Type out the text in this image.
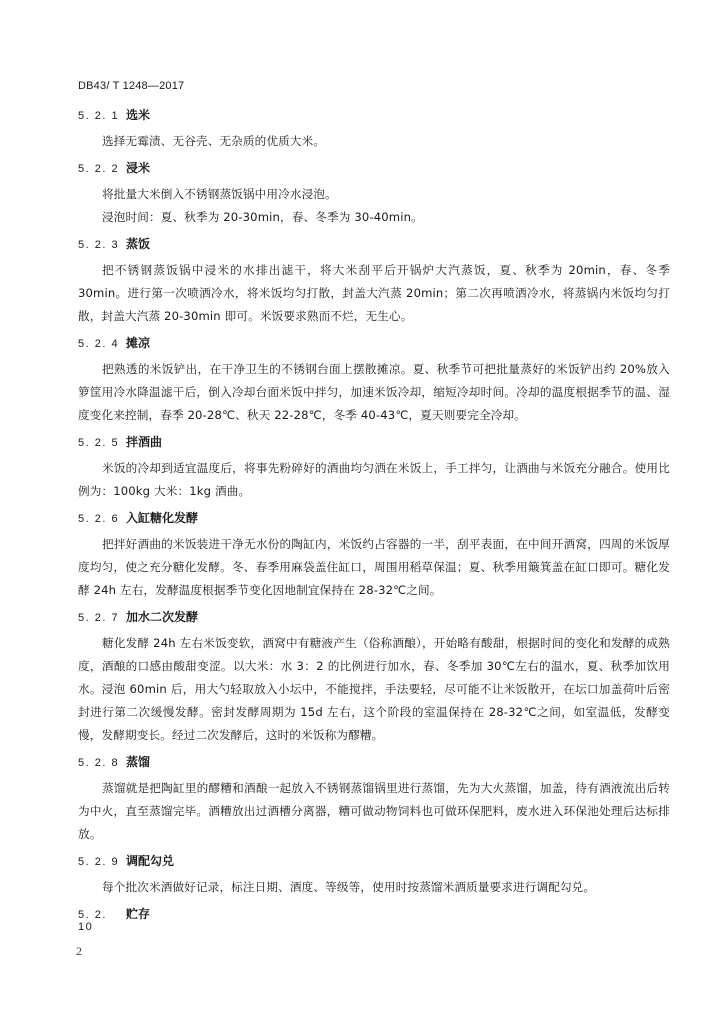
DB43/ T 1248—2017
5. 2. 1 选米

选择无霉渍、无谷壳、无杂质的优质大米。

5. 2. 2 浸米

将批量大米倒入不锈钢蒸饭锅中用冷水浸泡。

浸泡时间：夏、秋季为 20-30min，春、冬季为 30-40min。

5. 2. 3 蒸饭

把不锈钢蒸饭锅中浸米的水排出滤干，将大米刮平后开锅炉大汽蒸饭，夏、秋季为 20min，春、冬季 30min。进行第一次喷洒冷水，将米饭均匀打散，封盖大汽蒸 20min；第二次再喷洒冷水，将蒸锅内米饭均匀打散，封盖大汽蒸 20-30min 即可。米饭要求熟而不烂，无生心。

5. 2. 4 摊凉

把熟透的米饭铲出，在干净卫生的不锈钢台面上摆散摊凉。夏、秋季节可把批量蒸好的米饭铲出约 20%放入箩筐用冷水降温滤干后，倒入冷却台面米饭中拌匀，加速米饭冷却，缩短冷却时间。冷却的温度根据季节的温、湿度变化来控制，春季 20-28℃、秋天 22-28℃，冬季 40-43℃，夏天则要完全冷却。

5. 2. 5 拌酒曲

米饭的冷却到适宜温度后，将事先粉碎好的酒曲均匀洒在米饭上，手工拌匀，让酒曲与米饭充分融合。使用比例为：100kg 大米：1kg 酒曲。

5. 2. 6 入缸糖化发酵

把拌好酒曲的米饭装进干净无水份的陶缸内，米饭约占容器的一半，刮平表面，在中间开酒窝，四周的米饭厚度均匀，使之充分糖化发酵。冬、春季用麻袋盖住缸口，周围用稻草保温；夏、秋季用簸箕盖在缸口即可。糖化发酵 24h 左右，发酵温度根据季节变化因地制宜保持在 28-32℃之间。

5. 2. 7 加水二次发酵

糖化发酵 24h 左右米饭变软，酒窝中有糖液产生（俗称酒酿），开始略有酸甜，根据时间的变化和发酵的成熟度，酒酿的口感由酸甜变涩。以大米：水 3：2 的比例进行加水，春、冬季加 30℃左右的温水，夏、秋季加饮用水。浸泡 60min 后，用大勺轻取放入小坛中，不能搅拌，手法要轻，尽可能不让米饭散开，在坛口加盖荷叶后密封进行第二次缓慢发酵。密封发酵周期为 15d 左右，这个阶段的室温保持在 28-32℃之间，如室温低，发酵变慢，发酵期变长。经过二次发酵后，这时的米饭称为醪糟。

5. 2. 8 蒸馏

蒸馏就是把陶缸里的醪糟和酒酿一起放入不锈钢蒸馏锅里进行蒸馏，先为大火蒸馏，加盖，待有酒液流出后转为中火，直至蒸馏完毕。酒糟放出过酒槽分离器，糟可做动物饲料也可做环保肥料，废水进入环保池处理后达标排放。

5. 2. 9 调配勾兑

每个批次米酒做好记录，标注日期、酒度、等级等，使用时按蒸馏米酒质量要求进行调配勾兑。

5. 2. 10
贮存
2
